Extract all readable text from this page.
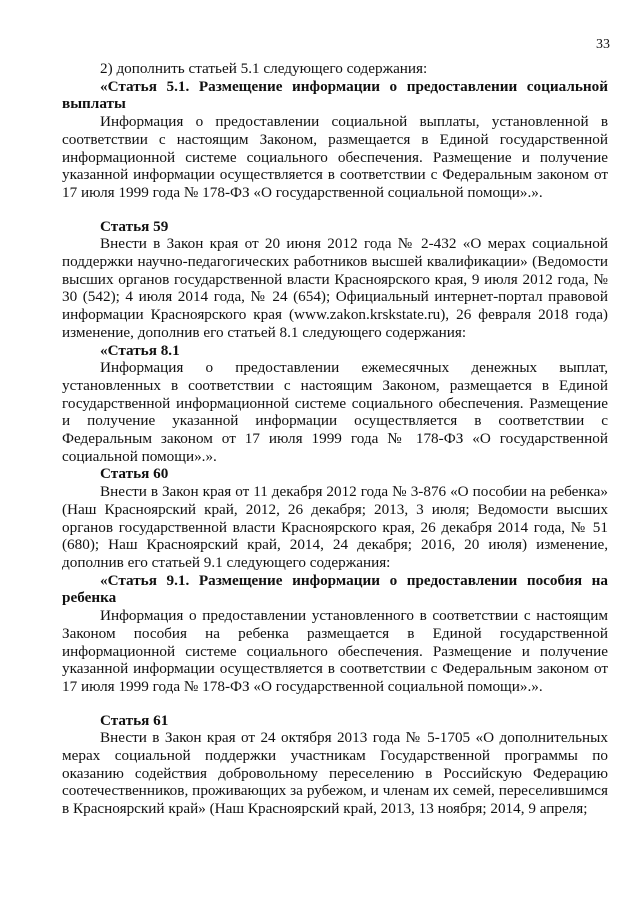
33

2) дополнить статьей 5.1 следующего содержания:

«Статья 5.1. Размещение информации о предоставлении социальной выплаты

Информация о предоставлении социальной выплаты, установленной в соответствии с настоящим Законом, размещается в Единой государственной информационной системе социального обеспечения. Размещение и получение указанной информации осуществляется в соответствии с Федеральным законом от 17 июля 1999 года № 178-ФЗ «О государственной социальной помощи».».

Статья 59

Внести в Закон края от 20 июня 2012 года № 2-432 «О мерах социальной поддержки научно-педагогических работников высшей квалификации» (Ведомости высших органов государственной власти Красноярского края, 9 июля 2012 года, № 30 (542); 4 июля 2014 года, № 24 (654); Официальный интернет-портал правовой информации Красноярского края (www.zakon.krskstate.ru), 26 февраля 2018 года) изменение, дополнив его статьей 8.1 следующего содержания:

«Статья 8.1

Информация о предоставлении ежемесячных денежных выплат, установленных в соответствии с настоящим Законом, размещается в Единой государственной информационной системе социального обеспечения. Размещение и получение указанной информации осуществляется в соответствии с Федеральным законом от 17 июля 1999 года № 178-ФЗ «О государственной социальной помощи».».

Статья 60

Внести в Закон края от 11 декабря 2012 года № 3-876 «О пособии на ребенка» (Наш Красноярский край, 2012, 26 декабря; 2013, 3 июля; Ведомости высших органов государственной власти Красноярского края, 26 декабря 2014 года, № 51 (680); Наш Красноярский край, 2014, 24 декабря; 2016, 20 июля) изменение, дополнив его статьей 9.1 следующего содержания:

«Статья 9.1. Размещение информации о предоставлении пособия на ребенка

Информация о предоставлении установленного в соответствии с настоящим Законом пособия на ребенка размещается в Единой государственной информационной системе социального обеспечения. Размещение и получение указанной информации осуществляется в соответствии с Федеральным законом от 17 июля 1999 года № 178-ФЗ «О государственной социальной помощи».».

Статья 61

Внести в Закон края от 24 октября 2013 года № 5-1705 «О дополнительных мерах социальной поддержки участникам Государственной программы по оказанию содействия добровольному переселению в Российскую Федерацию соотечественников, проживающих за рубежом, и членам их семей, переселившимся в Красноярский край» (Наш Красноярский край, 2013, 13 ноября; 2014, 9 апреля;
